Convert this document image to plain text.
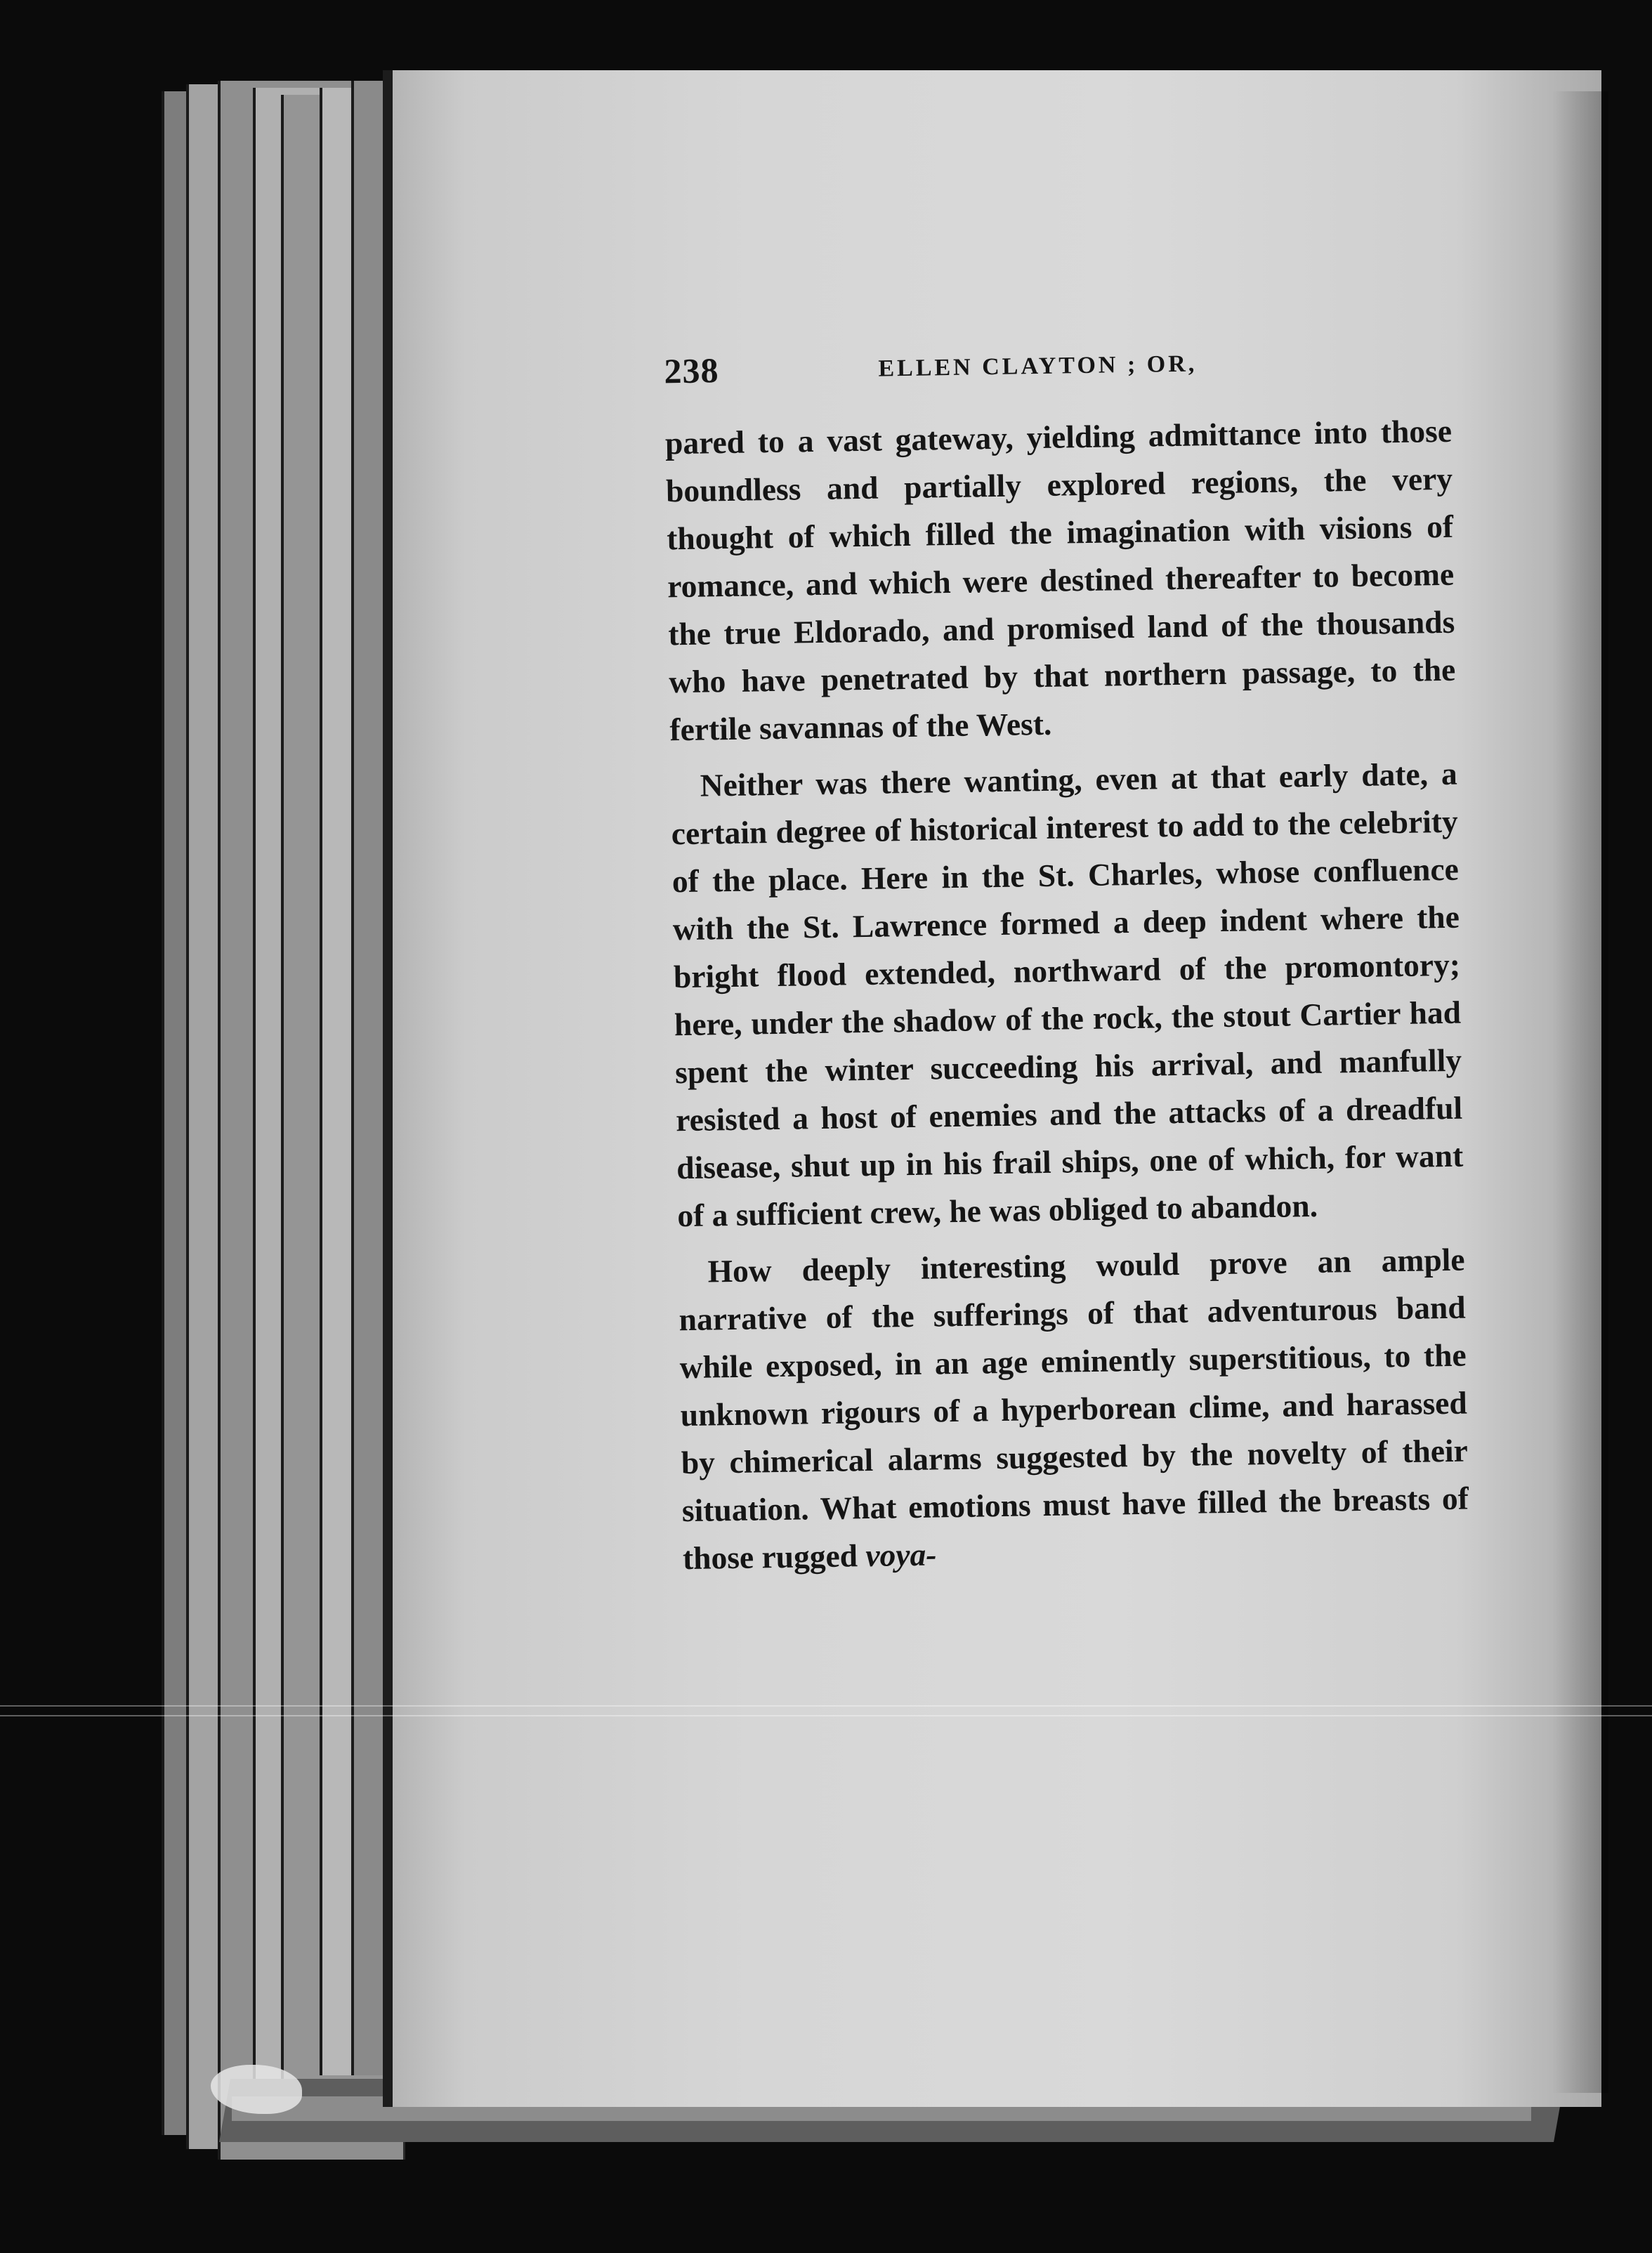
238	ELLEN CLAYTON ; OR,

pared to a vast gateway, yielding admittance into those boundless and partially explored regions, the very thought of which filled the imagination with visions of romance, and which were destined thereafter to become the true Eldorado, and promised land of the thousands who have penetrated by that northern passage, to the fertile savannas of the West.

Neither was there wanting, even at that early date, a certain degree of historical interest to add to the celebrity of the place. Here in the St. Charles, whose confluence with the St. Lawrence formed a deep indent where the bright flood extended, northward of the promontory; here, under the shadow of the rock, the stout Cartier had spent the winter succeeding his arrival, and manfully resisted a host of enemies and the attacks of a dreadful disease, shut up in his frail ships, one of which, for want of a sufficient crew, he was obliged to abandon.

How deeply interesting would prove an ample narrative of the sufferings of that adventurous band while exposed, in an age eminently superstitious, to the unknown rigours of a hyperborean clime, and harassed by chimerical alarms suggested by the novelty of their situation. What emotions must have filled the breasts of those rugged voya-
